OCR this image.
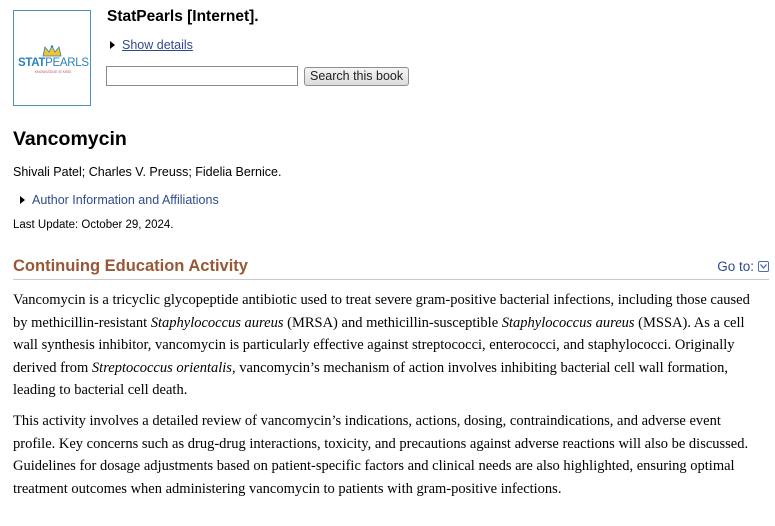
STATPEARLS
KNOWLEDGE IS KING
StatPearls [Internet].
Show details
Search this book
Vancomycin
Shivali Patel; Charles V. Preuss; Fidelia Bernice.
Author Information and Affiliations
Last Update: October 29, 2024.
Continuing Education Activity	Go to:

Vancomycin is a tricyclic glycopeptide antibiotic used to treat severe gram-positive bacterial infections, including those caused by methicillin-resistant Staphylococcus aureus (MRSA) and methicillin-susceptible Staphylococcus aureus (MSSA). As a cell wall synthesis inhibitor, vancomycin is particularly effective against streptococci, enterococci, and staphylococci. Originally derived from Streptococcus orientalis, vancomycin’s mechanism of action involves inhibiting bacterial cell wall formation, leading to bacterial cell death.

This activity involves a detailed review of vancomycin’s indications, actions, dosing, contraindications, and adverse event profile. Key concerns such as drug-drug interactions, toxicity, and precautions against adverse reactions will also be discussed. Guidelines for dosage adjustments based on patient-specific factors and clinical needs are also highlighted, ensuring optimal treatment outcomes when administering vancomycin to patients with gram-positive infections.
